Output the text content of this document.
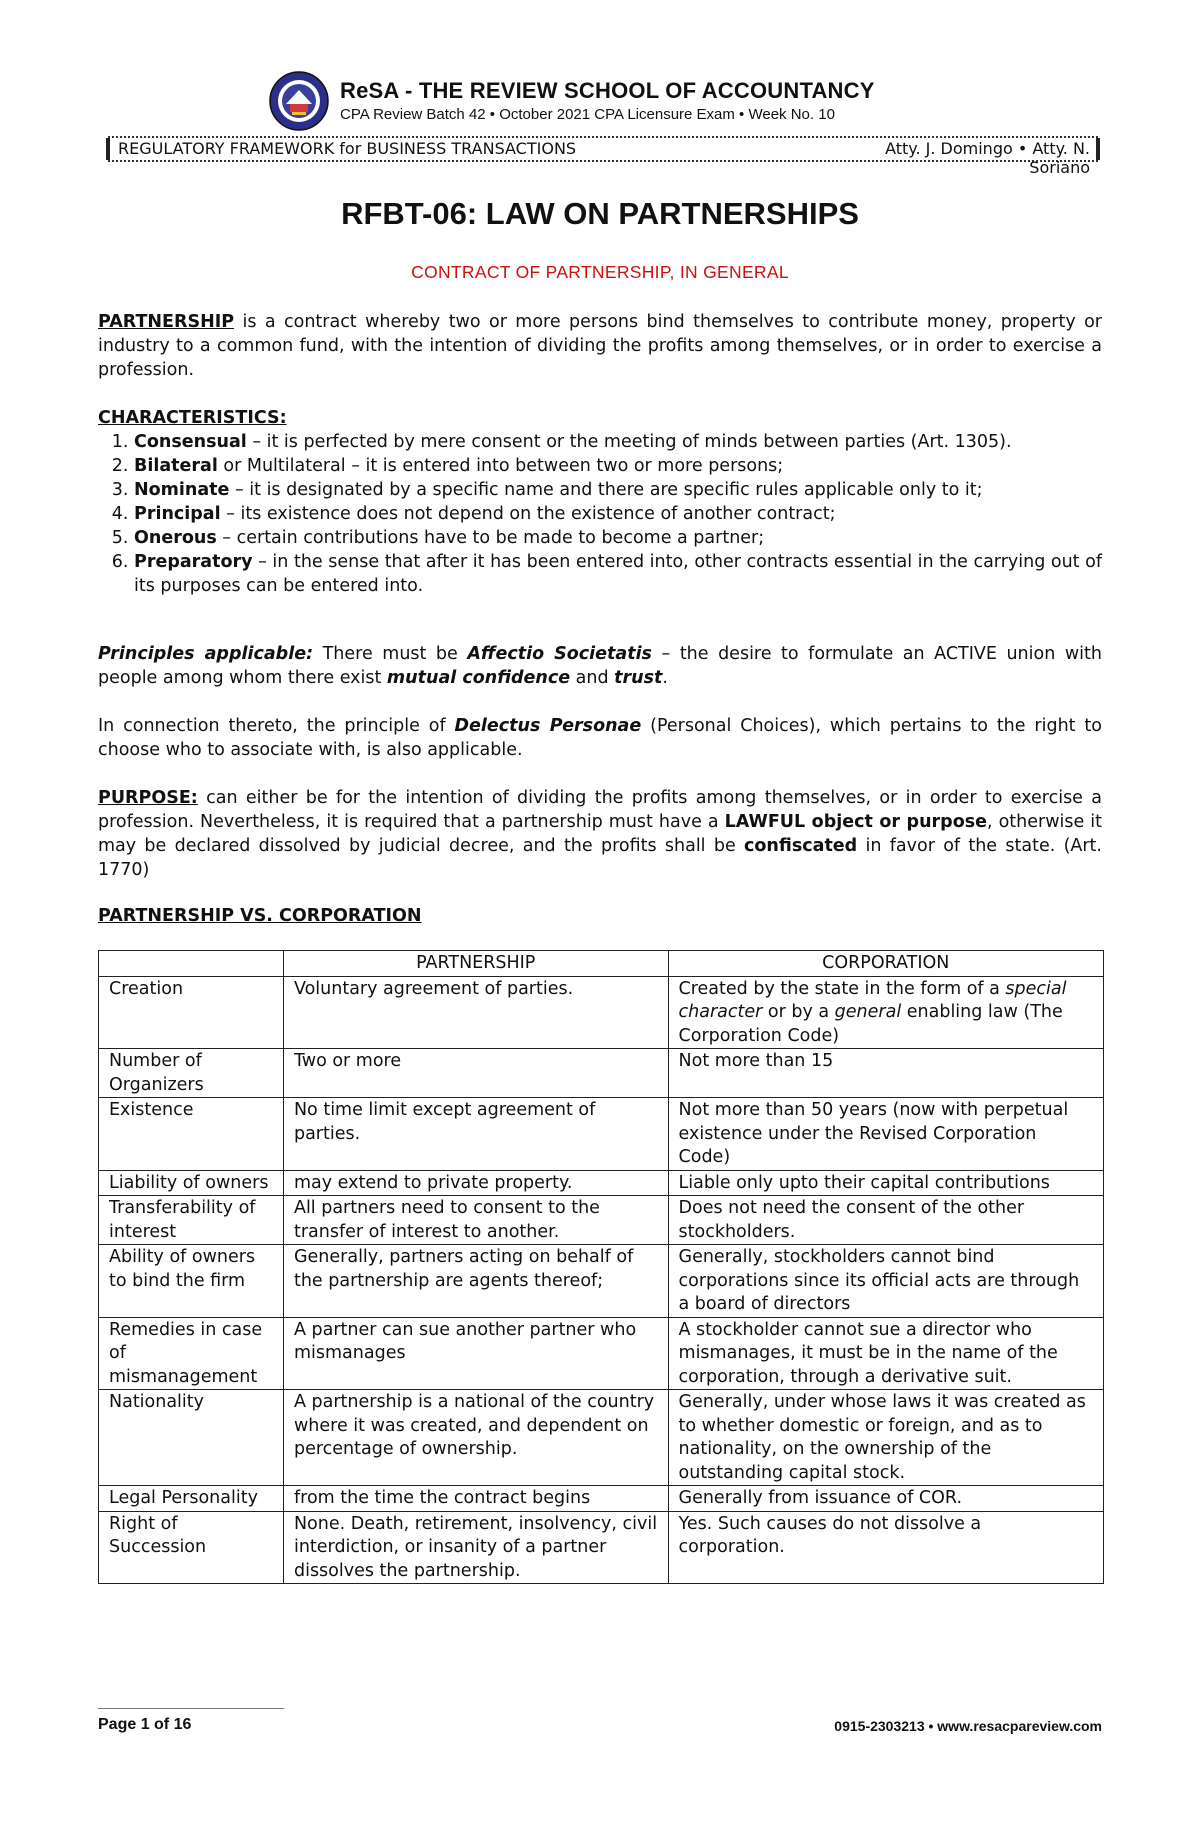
ReSA - THE REVIEW SCHOOL OF ACCOUNTANCY
CPA Review Batch 42 • October 2021 CPA Licensure Exam • Week No. 10
REGULATORY FRAMEWORK for BUSINESS TRANSACTIONS	Atty. J. Domingo • Atty. N. Soriano
RFBT-06: LAW ON PARTNERSHIPS
CONTRACT OF PARTNERSHIP, IN GENERAL
PARTNERSHIP is a contract whereby two or more persons bind themselves to contribute money, property or industry to a common fund, with the intention of dividing the profits among themselves, or in order to exercise a profession.
CHARACTERISTICS:
1. Consensual – it is perfected by mere consent or the meeting of minds between parties (Art. 1305).
2. Bilateral or Multilateral – it is entered into between two or more persons;
3. Nominate – it is designated by a specific name and there are specific rules applicable only to it;
4. Principal – its existence does not depend on the existence of another contract;
5. Onerous – certain contributions have to be made to become a partner;
6. Preparatory – in the sense that after it has been entered into, other contracts essential in the carrying out of its purposes can be entered into.
Principles applicable: There must be Affectio Societatis – the desire to formulate an ACTIVE union with people among whom there exist mutual confidence and trust.
In connection thereto, the principle of Delectus Personae (Personal Choices), which pertains to the right to choose who to associate with, is also applicable.
PURPOSE: can either be for the intention of dividing the profits among themselves, or in order to exercise a profession. Nevertheless, it is required that a partnership must have a LAWFUL object or purpose, otherwise it may be declared dissolved by judicial decree, and the profits shall be confiscated in favor of the state. (Art. 1770)
PARTNERSHIP VS. CORPORATION
	PARTNERSHIP	CORPORATION
Creation	Voluntary agreement of parties.	Created by the state in the form of a special character or by a general enabling law (The Corporation Code)
Number of Organizers	Two or more	Not more than 15
Existence	No time limit except agreement of parties.	Not more than 50 years (now with perpetual existence under the Revised Corporation Code)
Liability of owners	may extend to private property.	Liable only upto their capital contributions
Transferability of interest	All partners need to consent to the transfer of interest to another.	Does not need the consent of the other stockholders.
Ability of owners to bind the firm	Generally, partners acting on behalf of the partnership are agents thereof;	Generally, stockholders cannot bind corporations since its official acts are through a board of directors
Remedies in case of mismanagement	A partner can sue another partner who mismanages	A stockholder cannot sue a director who mismanages, it must be in the name of the corporation, through a derivative suit.
Nationality	A partnership is a national of the country where it was created, and dependent on percentage of ownership.	Generally, under whose laws it was created as to whether domestic or foreign, and as to nationality, on the ownership of the outstanding capital stock.
Legal Personality	from the time the contract begins	Generally from issuance of COR.
Right of Succession	None. Death, retirement, insolvency, civil interdiction, or insanity of a partner dissolves the partnership.	Yes. Such causes do not dissolve a corporation.
Page 1 of 16	0915-2303213 • www.resacpareview.com
